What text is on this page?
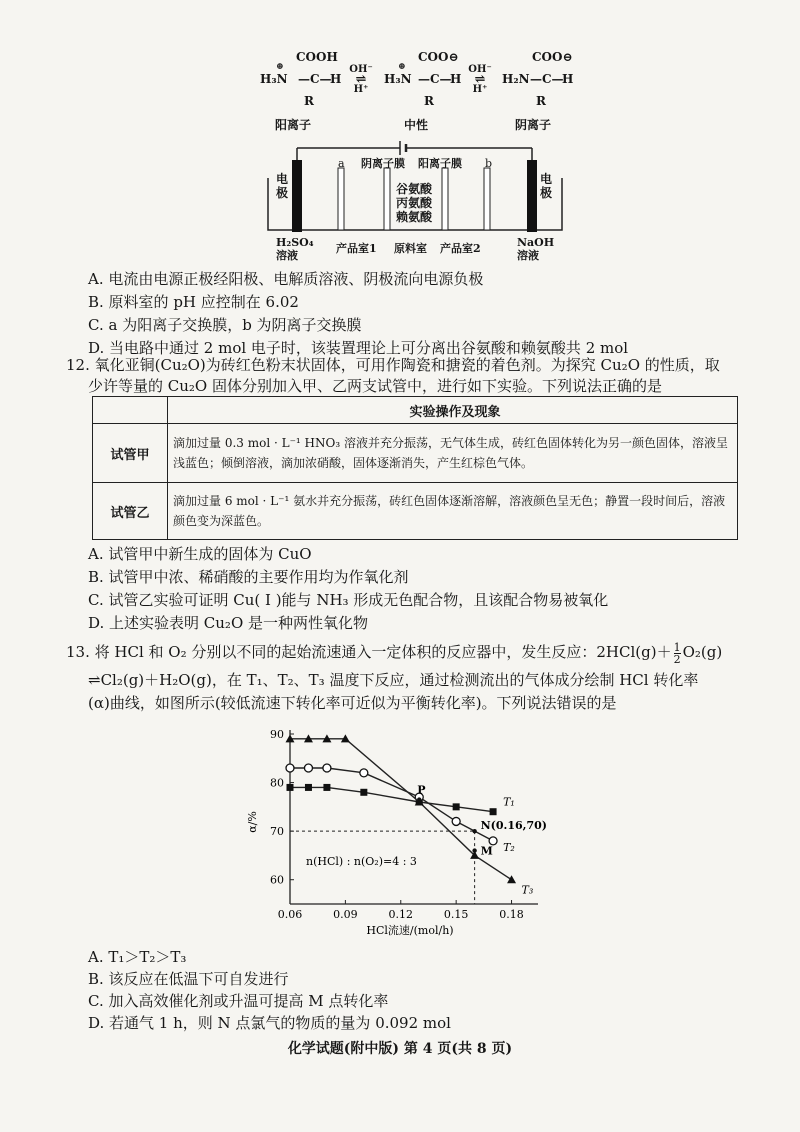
COOH
⊕
H₃N —C—
H
R
OH⁻
⇌
H⁺
COO⊖
⊕
H₃N —C—
H
R
OH⁻
⇌
H⁺
COO⊖
H₂N —C—
H
R
阳离子	中性	阴离子
电极
电极
a	b
阴离子膜 阳离子膜
谷氨酸
丙氨酸
赖氨酸
H₂SO₄溶液
产品室1 原料室 产品室2	NaOH溶液
A. 电流由电源正极经阳极、电解质溶液、阴极流向电源负极
B. 原料室的 pH 应控制在 6.02
C. a 为阳离子交换膜，b 为阴离子交换膜
D. 当电路中通过 2 mol 电子时，该装置理论上可分离出谷氨酸和赖氨酸共 2 mol
12. 氧化亚铜(Cu₂O)为砖红色粉末状固体，可用作陶瓷和搪瓷的着色剂。为探究 Cu₂O 的性质，取
少许等量的 Cu₂O 固体分别加入甲、乙两支试管中，进行如下实验。下列说法正确的是
实验操作及现象
试管甲
滴加过量 0.3 mol · L⁻¹ HNO₃ 溶液并充分振荡，无气体生成，砖红色固体转化为另一颜色固体，溶液呈浅蓝色；倾倒溶液，滴加浓硝酸，固体逐渐消失，产生红棕色气体。
试管乙
滴加过量 6 mol · L⁻¹ 氨水并充分振荡，砖红色固体逐渐溶解，溶液颜色呈无色；静置一段时间后，溶液颜色变为深蓝色。
A. 试管甲中新生成的固体为 CuO
B. 试管甲中浓、稀硝酸的主要作用均为作氧化剂
C. 试管乙实验可证明 Cu( Ⅰ )能与 NH₃ 形成无色配合物，且该配合物易被氧化
D. 上述实验表明 Cu₂O 是一种两性氧化物
13. 将 HCl 和 O₂ 分别以不同的起始流速通入一定体积的反应器中，发生反应：$2HCl(g)+ \frac{1}{2} O_2(g)$
⇌Cl₂(g)＋H₂O(g)，在 T₁、T₂、T₃ 温度下反应，通过检测流出的气体成分绘制 HCl 转化率
(α)曲线，如图所示(较低流速下转化率可近似为平衡转化率)。下列说法错误的是
60
70
80
90
0.06	0.09	0.12	0.15	0.18
α/%
HCl流速/(mol/h)
T₁
T₂
T₃
P
N(0.16,70)
M
n(HCl) : n(O₂)=4 : 3
A. T₁＞T₂＞T₃
B. 该反应在低温下可自发进行
C. 加入高效催化剂或升温可提高 M 点转化率
D. 若通气 1 h，则 N 点氯气的物质的量为 0.092 mol
化学试题(附中版) 第 4 页(共 8 页)
